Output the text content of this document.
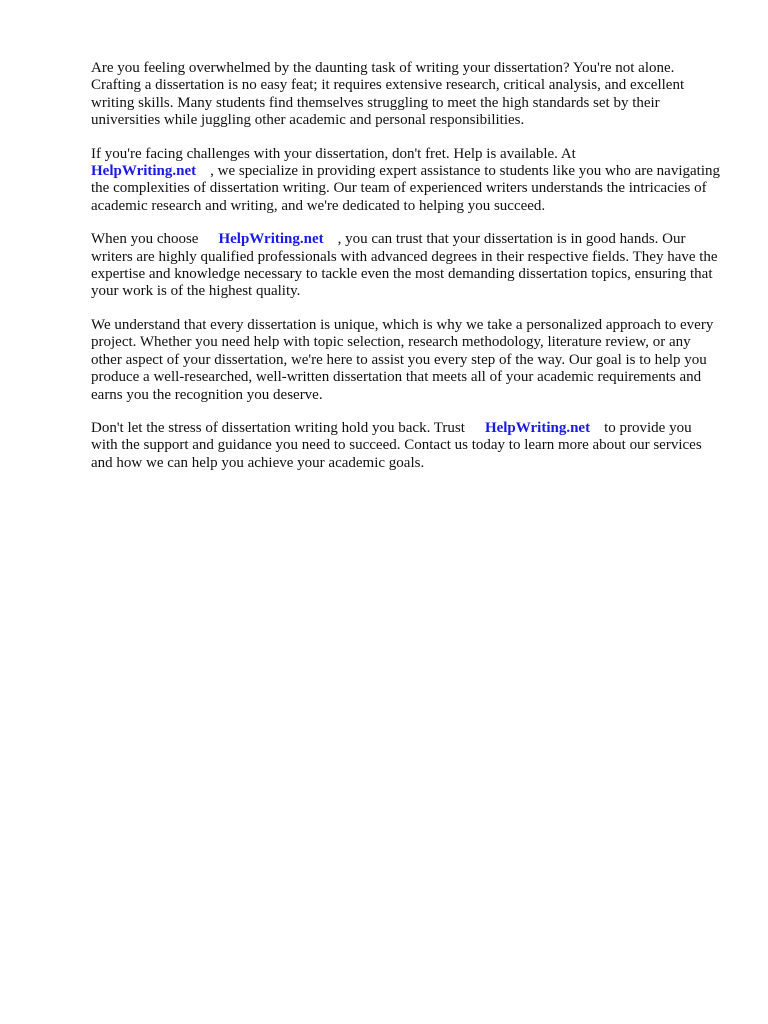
Are you feeling overwhelmed by the daunting task of writing your dissertation? You're not alone. Crafting a dissertation is no easy feat; it requires extensive research, critical analysis, and excellent writing skills. Many students find themselves struggling to meet the high standards set by their universities while juggling other academic and personal responsibilities.

If you're facing challenges with your dissertation, don't fret. Help is available. At
HelpWriting.net , we specialize in providing expert assistance to students like you who are navigating the complexities of dissertation writing. Our team of experienced writers understands the intricacies of academic research and writing, and we're dedicated to helping you succeed.

When you choose HelpWriting.net , you can trust that your dissertation is in good hands. Our writers are highly qualified professionals with advanced degrees in their respective fields. They have the expertise and knowledge necessary to tackle even the most demanding dissertation topics, ensuring that your work is of the highest quality.

We understand that every dissertation is unique, which is why we take a personalized approach to every project. Whether you need help with topic selection, research methodology, literature review, or any other aspect of your dissertation, we're here to assist you every step of the way. Our goal is to help you produce a well-researched, well-written dissertation that meets all of your academic requirements and earns you the recognition you deserve.

Don't let the stress of dissertation writing hold you back. Trust HelpWriting.net to provide you with the support and guidance you need to succeed. Contact us today to learn more about our services and how we can help you achieve your academic goals.
